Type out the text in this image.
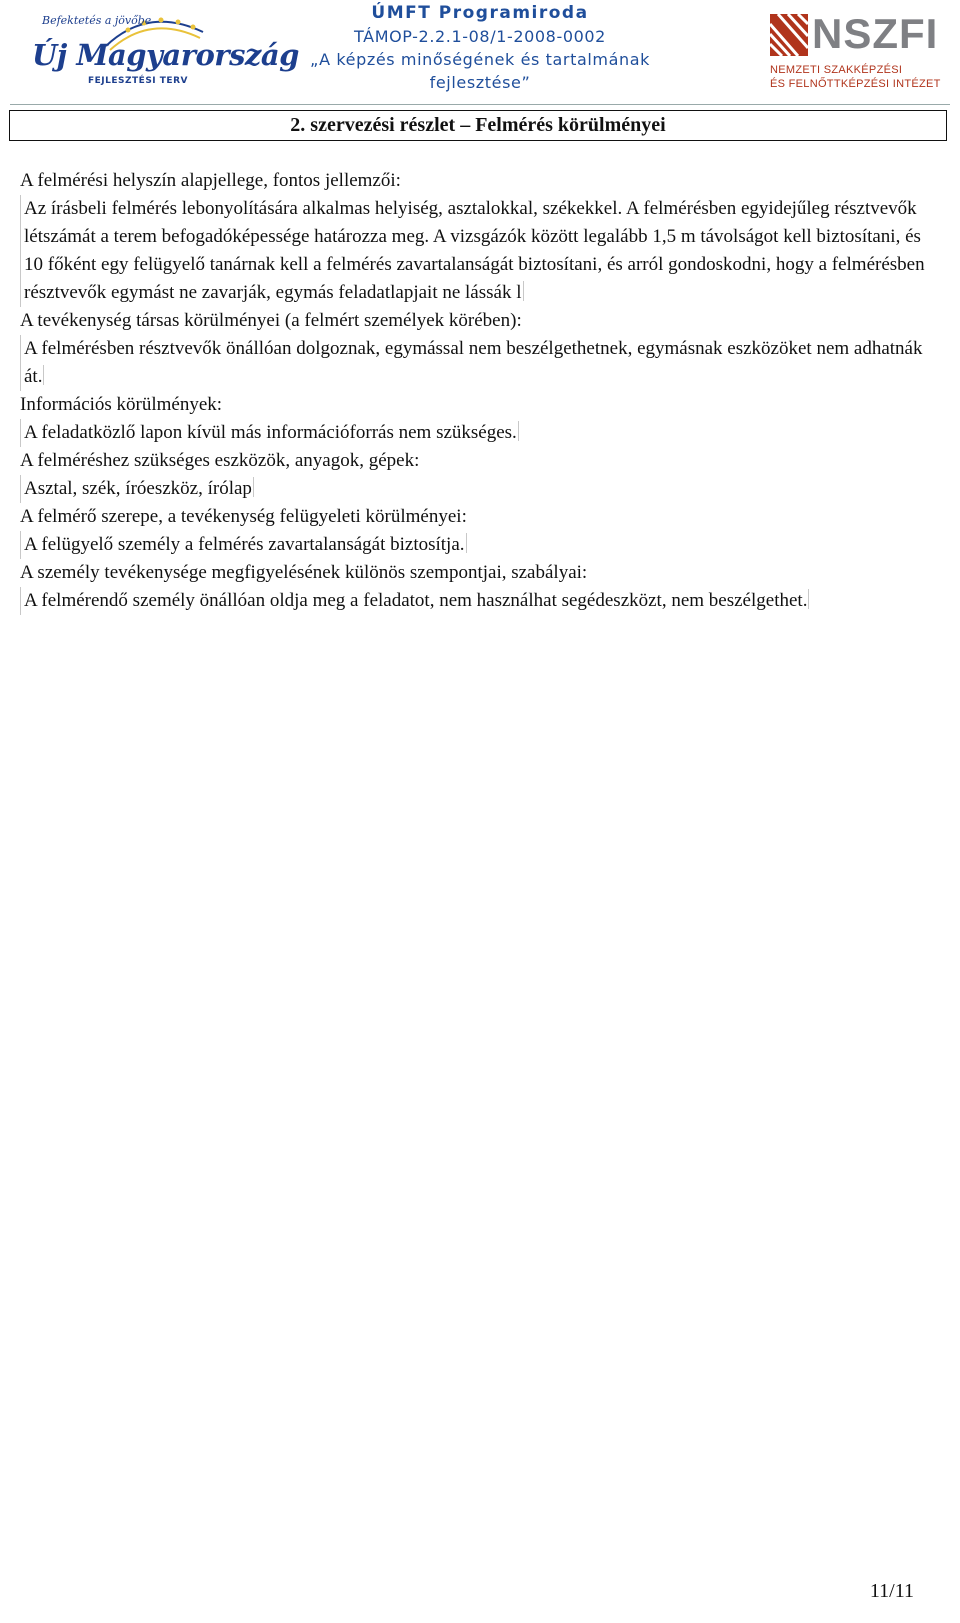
Befektetés a jövőbe
Új Magyarország
FEJLESZTÉSI TERV
ÚMFT Programiroda
TÁMOP-2.2.1-08/1-2008-0002
„A képzés minőségének és tartalmának
fejlesztése”
NSZFI
NEMZETI SZAKKÉPZÉSI
ÉS FELNŐTTKÉPZÉSI INTÉZET
2. szervezési részlet – Felmérés körülményei

A felmérési helyszín alapjellege, fontos jellemzői:

Az írásbeli felmérés lebonyolítására alkalmas helyiség, asztalokkal, székekkel. A felmérésben egyidejűleg résztvevők létszámát a terem befogadóképessége határozza meg. A vizsgázók között legalább 1,5 m távolságot kell biztosítani, és 10 főként egy felügyelő tanárnak kell a felmérés zavartalanságát biztosítani, és arról gondoskodni, hogy a felmérésben résztvevők egymást ne zavarják, egymás feladatlapjait ne lássák l

A tevékenység társas körülményei (a felmért személyek körében):

A felmérésben résztvevők önállóan dolgoznak, egymással nem beszélgethetnek, egymásnak eszközöket nem adhatnák át.

Információs körülmények:

A feladatközlő lapon kívül más információforrás nem szükséges.

A felméréshez szükséges eszközök, anyagok, gépek:

Asztal, szék, íróeszköz, írólap

A felmérő szerepe, a tevékenység felügyeleti körülményei:

A felügyelő személy a felmérés zavartalanságát biztosítja.

A személy tevékenysége megfigyelésének különös szempontjai, szabályai:

A felmérendő személy önállóan oldja meg a feladatot, nem használhat segédeszközt, nem beszélgethet.

11/11
